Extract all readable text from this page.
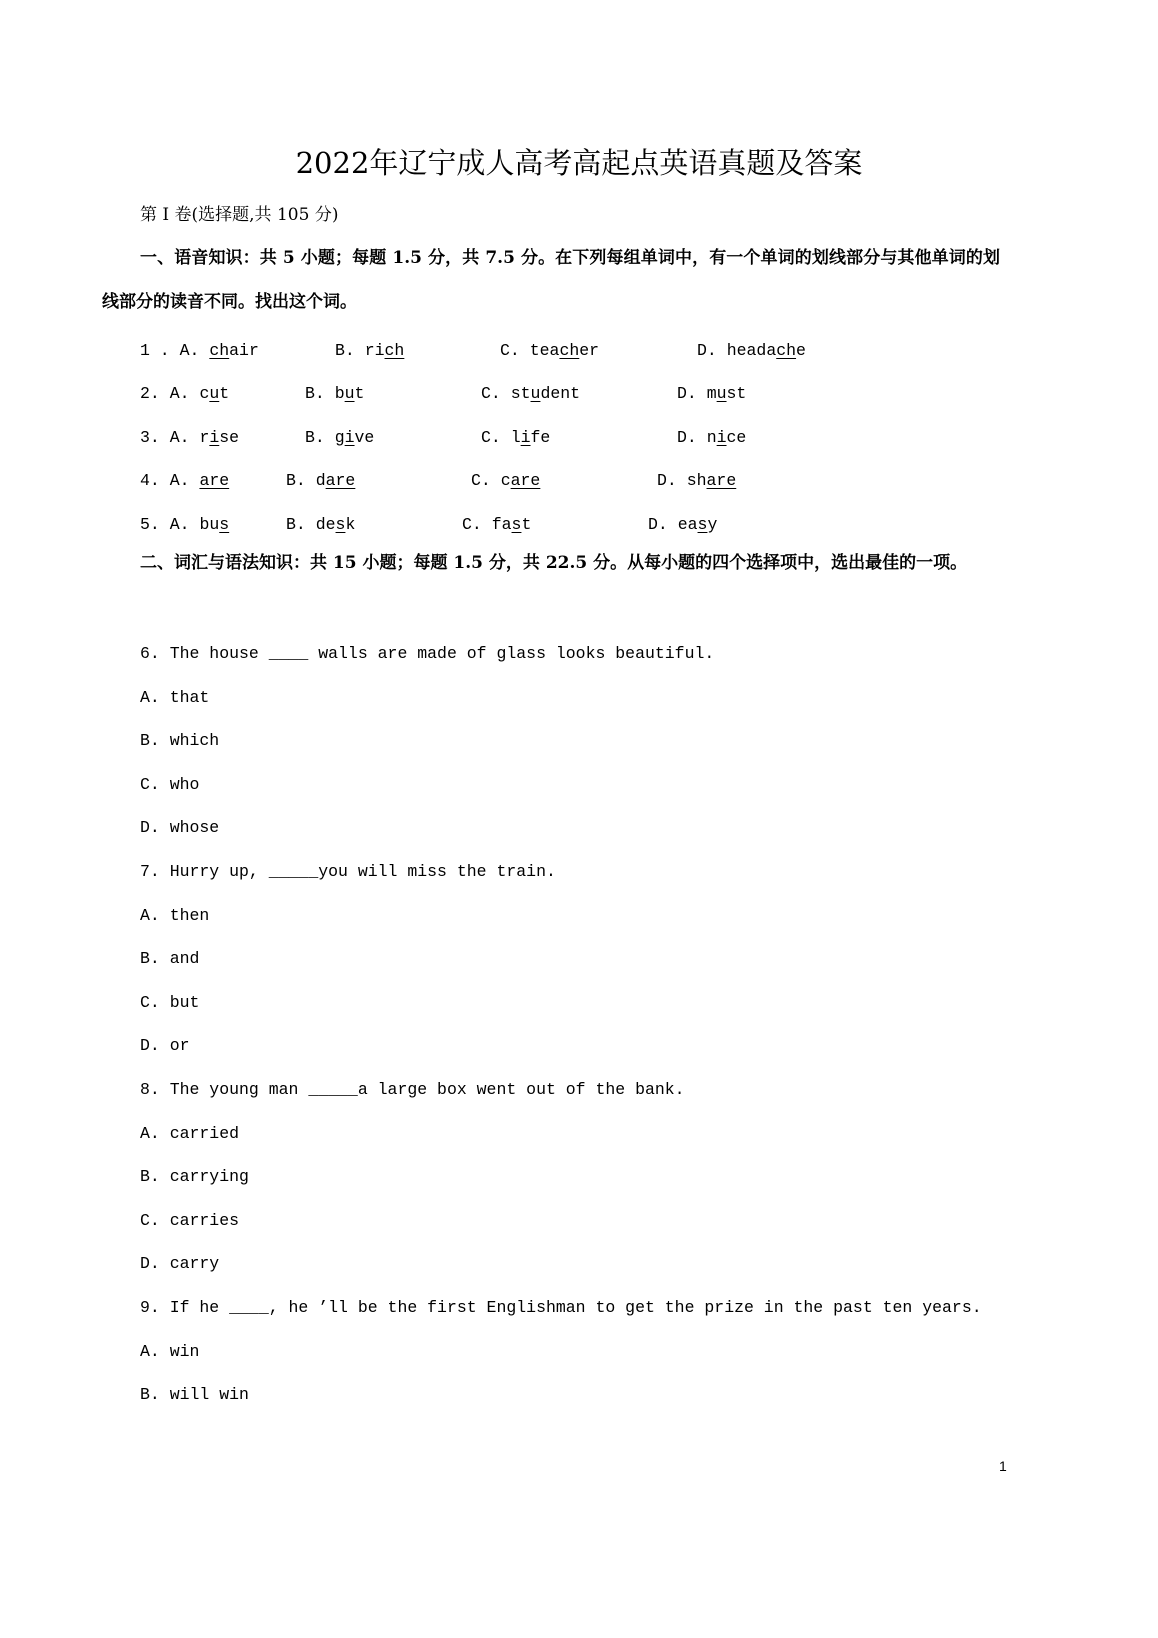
2022年辽宁成人高考高起点英语真题及答案
第 I 卷(选择题,共 105 分)
一、语音知识：共 5 小题；每题 1.5 分，共 7.5 分。在下列每组单词中，有一个单词的划线部分与其他单词的划线部分的读音不同。找出这个词。
1 . A. chair	B. rich	C. teacher	D. headache
2. A. cut	B. but	C. student	D. must
3. A. rise	B. give	C. life	D. nice
4. A. are	B. dare	C. care	D. share
5. A. bus	B. desk	C. fast	D. easy
二、词汇与语法知识：共 15 小题；每题 1.5 分，共 22.5 分。从每小题的四个选择项中，选出最佳的一项。
6. The house ____ walls are made of glass looks beautiful.
A. that
B. which
C. who
D. whose
7. Hurry up, _____you will miss the train.
A. then
B. and
C. but
D. or
8. The young man _____a large box went out of the bank.
A. carried
B. carrying
C. carries
D. carry
9. If he ____, he ’ll be the first Englishman to get the prize in the past ten years.
A. win
B. will win
1
